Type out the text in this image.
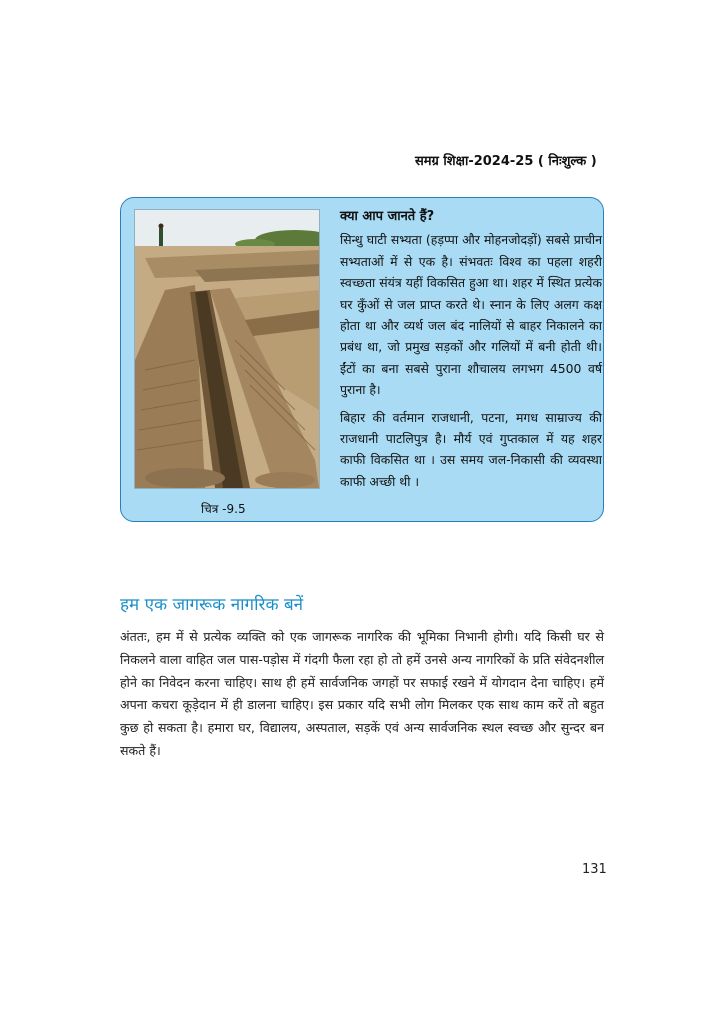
समग्र शिक्षा-2024-25 ( निःशुल्क )
चित्र -9.5
क्या आप जानते हैं?

सिन्धु घाटी सभ्यता (हड़प्पा और मोहनजोदड़ों) सबसे प्राचीन सभ्यताओं में से एक है। संभवतः विश्व का पहला शहरी स्वच्छता संयंत्र यहीं विकसित हुआ था। शहर में स्थित प्रत्येक घर कुँओं से जल प्राप्त करते थे। स्नान के लिए अलग कक्ष होता था और व्यर्थ जल बंद नालियों से बाहर निकालने का प्रबंध था, जो प्रमुख सड़कों और गलियों में बनी होती थी। ईंटों का बना सबसे पुराना शौचालय लगभग 4500 वर्ष पुराना है।

बिहार की वर्तमान राजधानी, पटना, मगध साम्राज्य की राजधानी पाटलिपुत्र है। मौर्य एवं गुप्तकाल में यह शहर काफी विकसित था । उस समय जल-निकासी की व्यवस्था काफी अच्छी थी ।

हम एक जागरूक नागरिक बनें

अंततः, हम में से प्रत्येक व्यक्ति को एक जागरूक नागरिक की भूमिका निभानी होगी। यदि किसी घर से निकलने वाला वाहित जल पास-पड़ोस में गंदगी फैला रहा हो तो हमें उनसे अन्य नागरिकों के प्रति संवेदनशील होने का निवेदन करना चाहिए। साथ ही हमें सार्वजनिक जगहों पर सफाई रखने में योगदान देना चाहिए। हमें अपना कचरा कूड़ेदान में ही डालना चाहिए। इस प्रकार यदि सभी लोग मिलकर एक साथ काम करें तो बहुत कुछ हो सकता है। हमारा घर, विद्यालय, अस्पताल, सड़कें एवं अन्य सार्वजनिक स्थल स्वच्छ और सुन्दर बन सकते हैं।

131
